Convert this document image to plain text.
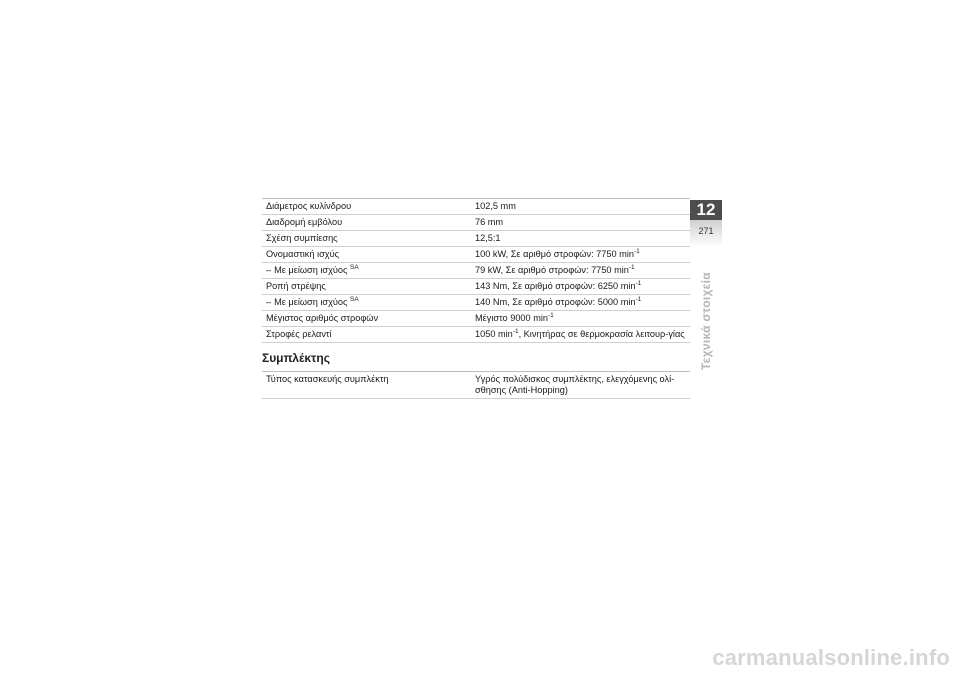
Διάμετρος κυλίνδρου	102,5 mm
Διαδρομή εμβόλου	76 mm
Σχέση συμπίεσης	12,5:1
Ονομαστική ισχύς	100 kW, Σε αριθμό στροφών: 7750 $\min^{-1}$
– Με μείωση ισχύος $^{SA}$	79 kW, Σε αριθμό στροφών: 7750 $\min^{-1}$
Ροπή στρέψης	143 Nm, Σε αριθμό στροφών: 6250 $\min^{-1}$
– Με μείωση ισχύος $^{SA}$	140 Nm, Σε αριθμό στροφών: 5000 $\min^{-1}$
Μέγιστος αριθμός στροφών	Μέγιστο 9000 $\min^{-1}$
Στροφές ρελαντί	1050 $\min^{-1}$, Κινητήρας σε θερμοκρασία λειτουρ-γίας
Συμπλέκτης
Τύπος κατασκευής συμπλέκτη	Υγρός πολύδισκος συμπλέκτης, ελεγχόμενης ολί-σθησης (Anti-Hopping)
12
271
Τεχνικά στοιχεία
carmanualsonline.info
